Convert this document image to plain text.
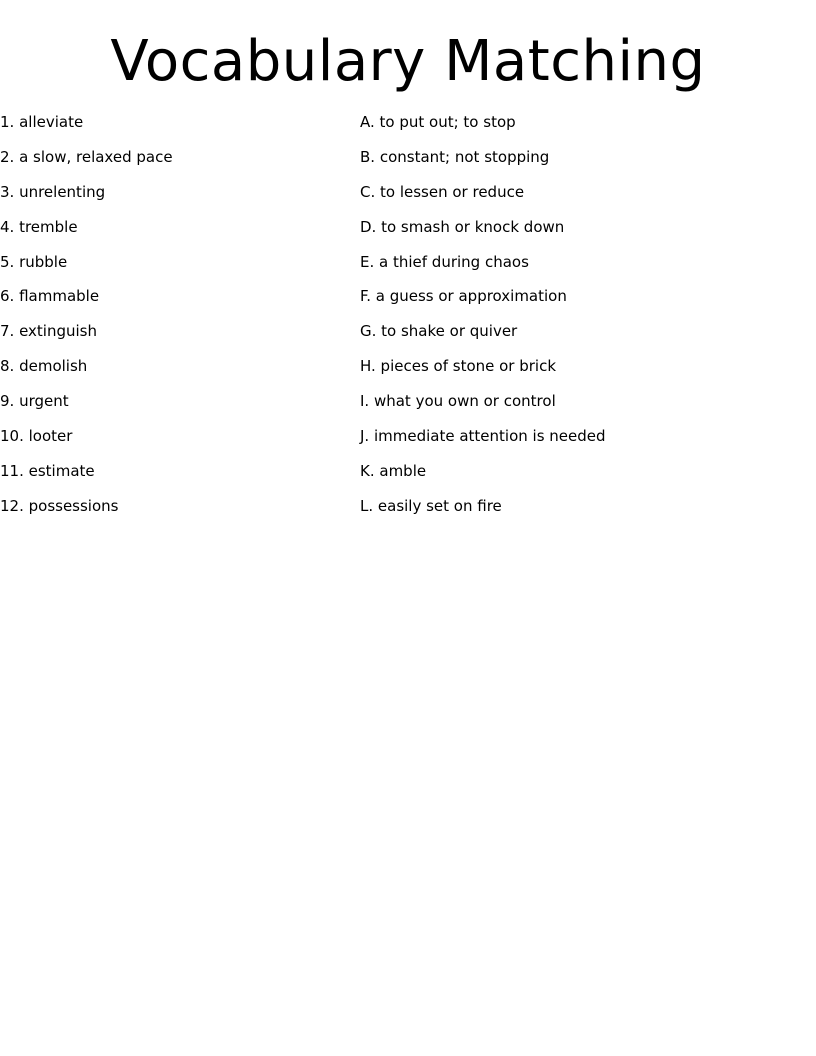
Vocabulary Matching
1. alleviate
2. a slow, relaxed pace
3. unrelenting
4. tremble
5. rubble
6. flammable
7. extinguish
8. demolish
9. urgent
10. looter
11. estimate
12. possessions
A. to put out; to stop
B. constant; not stopping
C. to lessen or reduce
D. to smash or knock down
E. a thief during chaos
F. a guess or approximation
G. to shake or quiver
H. pieces of stone or brick
I. what you own or control
J. immediate attention is needed
K. amble
L. easily set on fire
